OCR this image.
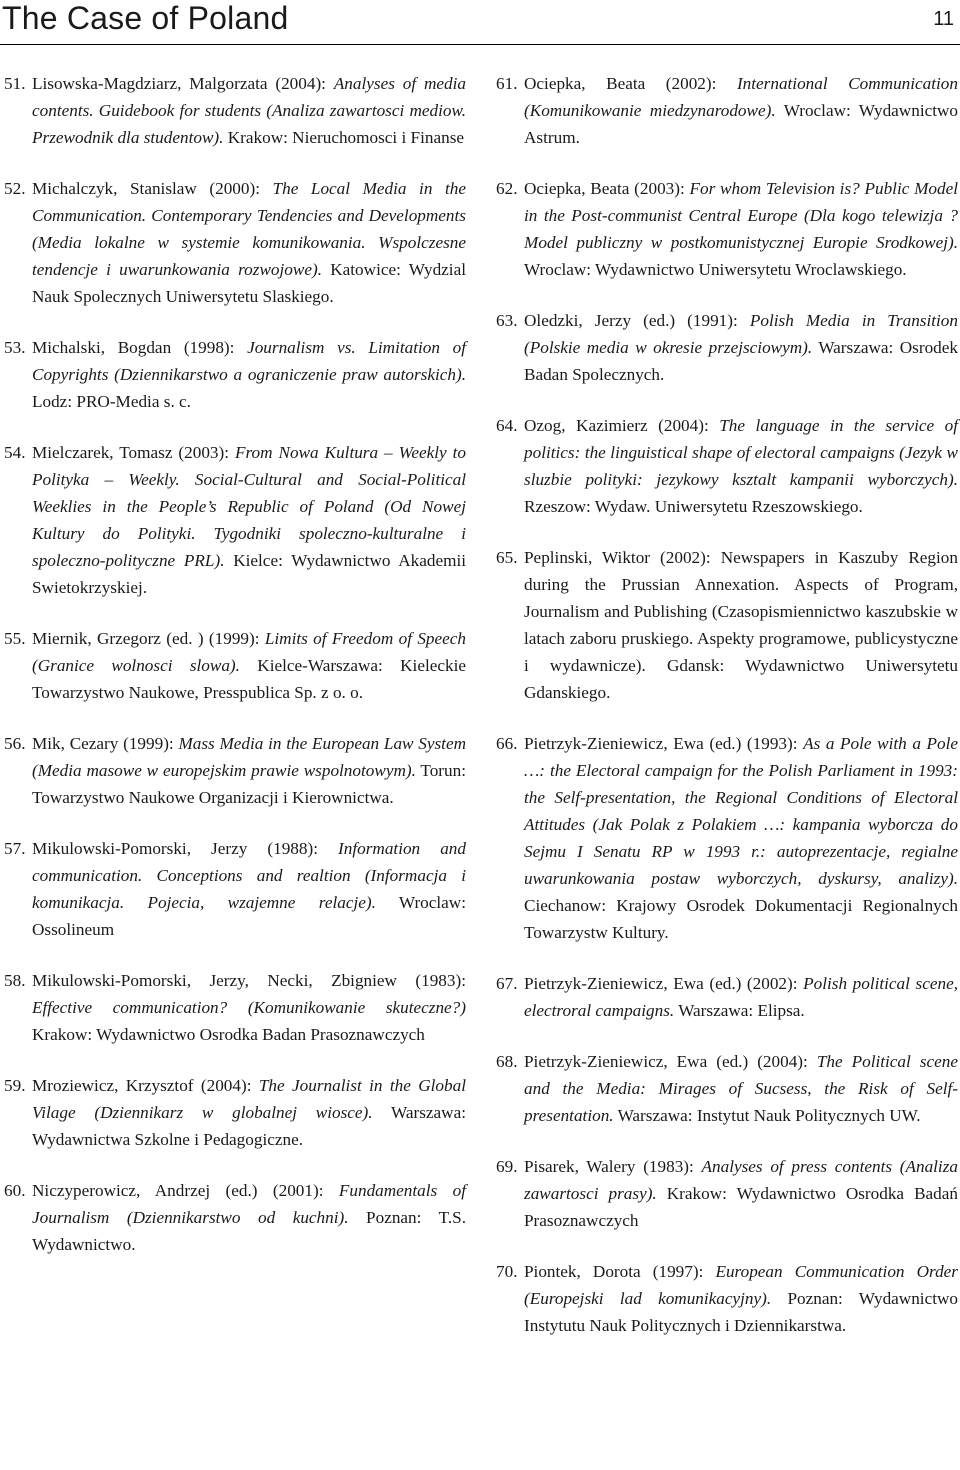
The Case of Poland	11
51. Lisowska-Magdziarz, Malgorzata (2004): Analyses of media contents. Guidebook for students (Analiza zawartosci mediow. Przewodnik dla studentow). Krakow: Nieruchomosci i Finanse
52. Michalczyk, Stanislaw (2000): The Local Media in the Communication. Contemporary Tendencies and Developments (Media lokalne w systemie komunikowania. Wspolczesne tendencje i uwarunkowania rozwojowe). Katowice: Wydzial Nauk Spolecznych Uniwersytetu Slaskiego.
53. Michalski, Bogdan (1998): Journalism vs. Limitation of Copyrights (Dziennikarstwo a ograniczenie praw autorskich). Lodz: PRO-Media s. c.
54. Mielczarek, Tomasz (2003): From Nowa Kultura – Weekly to Polityka – Weekly. Social-Cultural and Social-Political Weeklies in the People’s Republic of Poland (Od Nowej Kultury do Polityki. Tygodniki spoleczno-kulturalne i spoleczno-polityczne PRL). Kielce: Wydawnictwo Akademii Swietokrzyskiej.
55. Miernik, Grzegorz (ed. ) (1999): Limits of Freedom of Speech (Granice wolnosci slowa). Kielce-Warszawa: Kieleckie Towarzystwo Naukowe, Presspublica Sp. z o. o.
56. Mik, Cezary (1999): Mass Media in the European Law System (Media masowe w europejskim prawie wspolnotowym). Torun: Towarzystwo Naukowe Organizacji i Kierownictwa.
57. Mikulowski-Pomorski, Jerzy (1988): Information and communication. Conceptions and realtion (Informacja i komunikacja. Pojecia, wzajemne relacje). Wroclaw: Ossolineum
58. Mikulowski-Pomorski, Jerzy, Necki, Zbigniew (1983): Effective communication? (Komunikowanie skuteczne?) Krakow: Wydawnictwo Osrodka Badan Prasoznawczych
59. Mroziewicz, Krzysztof (2004): The Journalist in the Global Vilage (Dziennikarz w globalnej wiosce). Warszawa: Wydawnictwa Szkolne i Pedagogiczne.
60. Niczyperowicz, Andrzej (ed.) (2001): Fundamentals of Journalism (Dziennikarstwo od kuchni). Poznan: T.S. Wydawnictwo.
61. Ociepka, Beata (2002): International Communication (Komunikowanie miedzynarodowe). Wroclaw: Wydawnictwo Astrum.
62. Ociepka, Beata (2003): For whom Television is? Public Model in the Post-communist Central Europe (Dla kogo telewizja ? Model publiczny w postkomunistycznej Europie Srodkowej). Wroclaw: Wydawnictwo Uniwersytetu Wroclawskiego.
63. Oledzki, Jerzy (ed.) (1991): Polish Media in Transition (Polskie media w okresie przejsciowym). Warszawa: Osrodek Badan Spolecznych.
64. Ozog, Kazimierz (2004): The language in the service of politics: the linguistical shape of electoral campaigns (Jezyk w sluzbie polityki: jezykowy ksztalt kampanii wyborczych). Rzeszow: Wydaw. Uniwersytetu Rzeszowskiego.
65. Peplinski, Wiktor (2002): Newspapers in Kaszuby Region during the Prussian Annexation. Aspects of Program, Journalism and Publishing (Czasopismiennictwo kaszubskie w latach zaboru pruskiego. Aspekty programowe, publicystyczne i wydawnicze). Gdansk: Wydawnictwo Uniwersytetu Gdanskiego.
66. Pietrzyk-Zieniewicz, Ewa (ed.) (1993): As a Pole with a Pole …: the Electoral campaign for the Polish Parliament in 1993: the Self-presentation, the Regional Conditions of Electoral Attitudes (Jak Polak z Polakiem …: kampania wyborcza do Sejmu I Senatu RP w 1993 r.: autoprezentacje, regialne uwarunkowania postaw wyborczych, dyskursy, analizy). Ciechanow: Krajowy Osrodek Dokumentacji Regionalnych Towarzystw Kultury.
67. Pietrzyk-Zieniewicz, Ewa (ed.) (2002): Polish political scene, electroral campaigns. Warszawa: Elipsa.
68. Pietrzyk-Zieniewicz, Ewa (ed.) (2004): The Political scene and the Media: Mirages of Sucsess, the Risk of Self-presentation. Warszawa: Instytut Nauk Politycznych UW.
69. Pisarek, Walery (1983): Analyses of press contents (Analiza zawartosci prasy). Krakow: Wydawnictwo Osrodka Badań Prasoznawczych
70. Piontek, Dorota (1997): European Communication Order (Europejski lad komunikacyjny). Poznan: Wydawnictwo Instytutu Nauk Politycznych i Dziennikarstwa.
